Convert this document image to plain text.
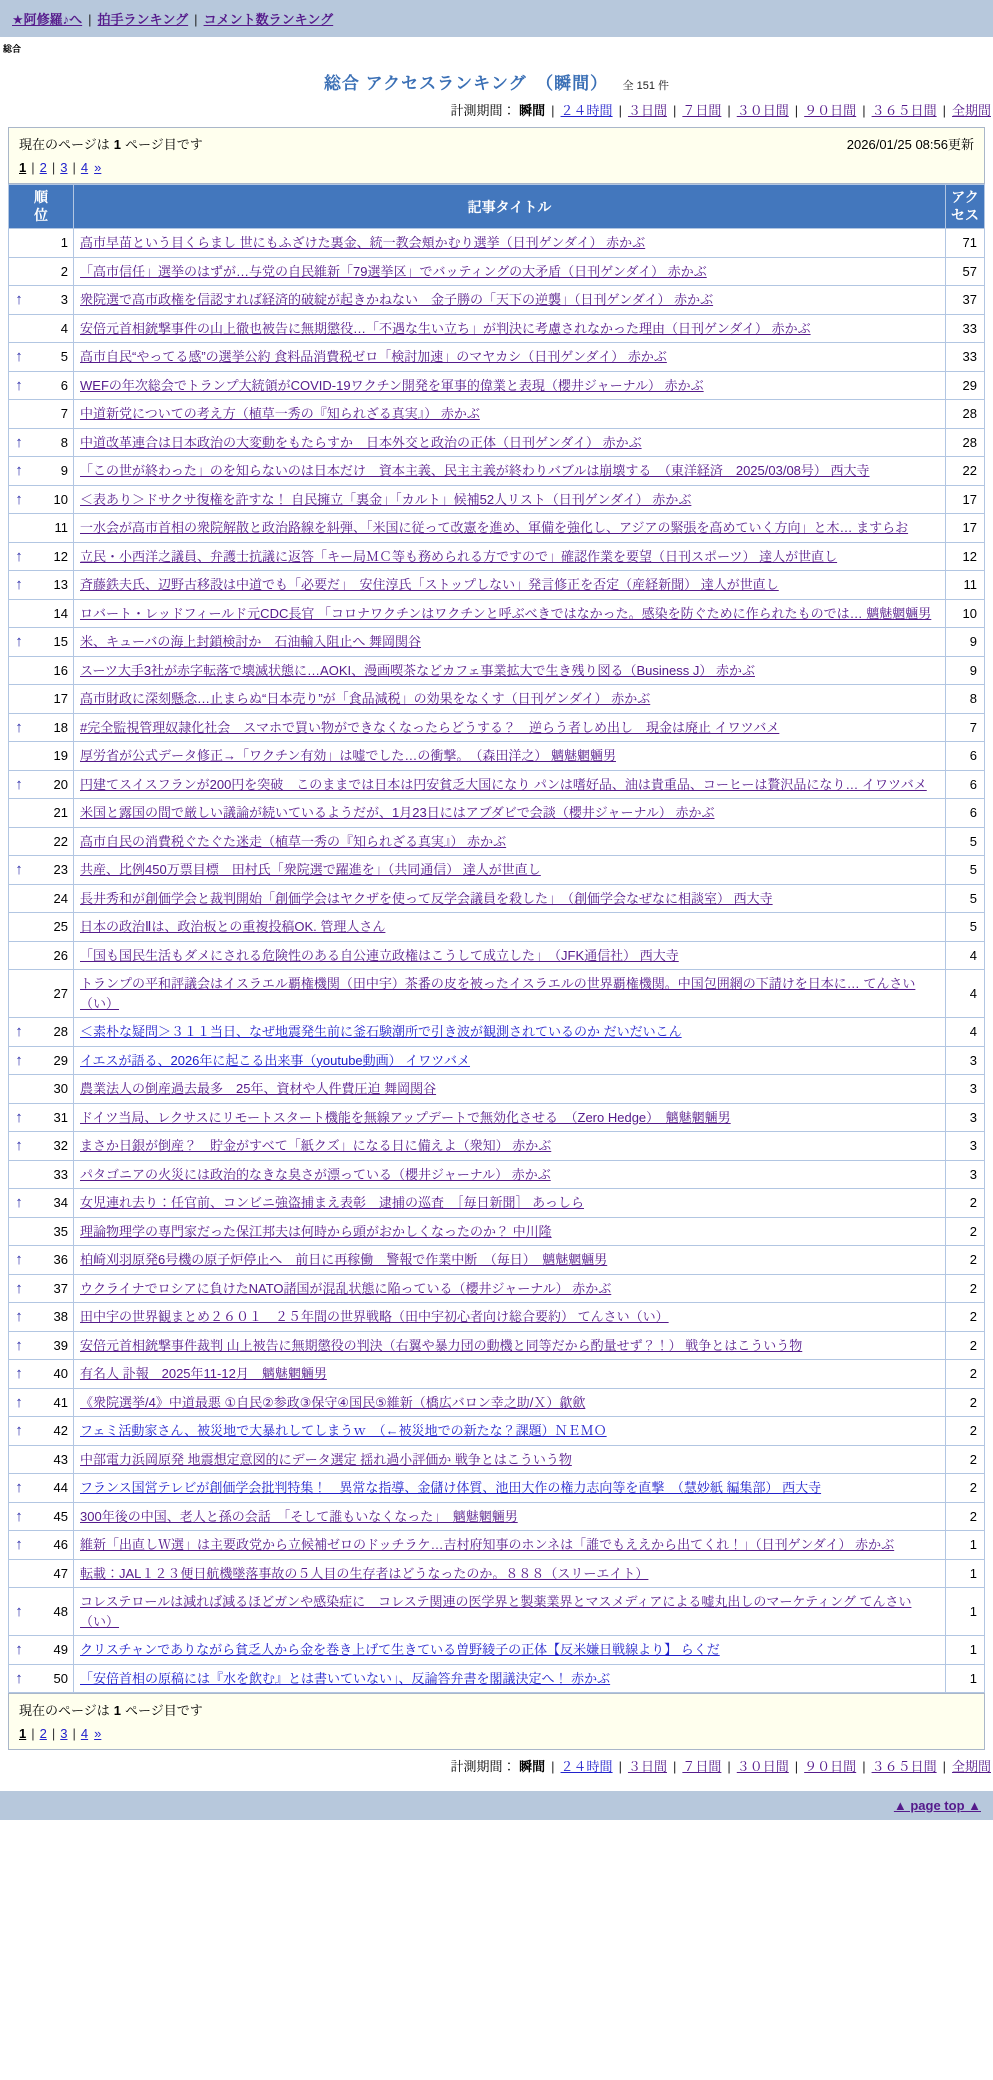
★阿修羅♪へ | 拍手ランキング | コメント数ランキング
総合
総合 アクセスランキング　（瞬間） 全 151 件
計測期間： 瞬間 | ２４時間 | ３日間 | ７日間 | ３０日間 | ９０日間 | ３６５日間 | 全期間
現在のページは 1 ページ目です	2026/01/25 08:56更新
1 | 2 | 3 | 4 »
順位	記事タイトル	アクセス

1	高市早苗という目くらまし 世にもふざけた裏金、統一教会頬かむり選挙（日刊ゲンダイ） 赤かぶ	71

2	「高市信任」選挙のはずが…与党の自民維新「79選挙区」でバッティングの大矛盾（日刊ゲンダイ） 赤かぶ	57

↑ 3	衆院選で高市政権を信認すれば経済的破綻が起きかねない　金子勝の「天下の逆襲」（日刊ゲンダイ） 赤かぶ	37

4	安倍元首相銃撃事件の山上徹也被告に無期懲役…「不遇な生い立ち」が判決に考慮されなかった理由（日刊ゲンダイ） 赤かぶ	33

↑ 5	高市自民“やってる感”の選挙公約 食料品消費税ゼロ「検討加速」のマヤカシ（日刊ゲンダイ） 赤かぶ	33

↑ 6	WEFの年次総会でトランプ大統領がCOVID-19ワクチン開発を軍事的偉業と表現（櫻井ジャーナル） 赤かぶ	29

7	中道新党についての考え方（植草一秀の『知られざる真実』） 赤かぶ	28

↑ 8	中道改革連合は日本政治の大変動をもたらすか　日本外交と政治の正体（日刊ゲンダイ） 赤かぶ	28

↑ 9	「この世が終わった」のを知らないのは日本だけ　資本主義、民主主義が終わりバブルは崩壊する　（東洋経済　2025/03/08号） 西大寺	22

↑ 10	＜表あり＞ドサクサ復権を許すな！ 自民擁立「裏金」「カルト」候補52人リスト（日刊ゲンダイ） 赤かぶ	17

11	一水会が高市首相の衆院解散と政治路線を糾弾、「米国に従って改憲を進め、軍備を強化し、アジアの緊張を高めていく方向」と木… ますらお	17

↑ 12	立民・小西洋之議員、弁護士抗議に返答「キー局ＭＣ等も務められる方ですので」確認作業を要望（日刊スポーツ） 達人が世直し	12

↑ 13	斉藤鉄夫氏、辺野古移設は中道でも「必要だ」　安住淳氏「ストップしない」発言修正を否定（産経新聞） 達人が世直し	11

14	ロバート・レッドフィールド元CDC長官 「コロナワクチンはワクチンと呼ぶべきではなかった。感染を防ぐために作られたものでは… 魑魅魍魎男	10

↑ 15	米、キューバの海上封鎖検討か　石油輸入阻止へ 舞岡関谷	9

16	スーツ大手3社が赤字転落で壊滅状態に…AOKI、漫画喫茶などカフェ事業拡大で生き残り図る（Business J） 赤かぶ	9

17	高市財政に深刻懸念…止まらぬ“日本売り”が「食品減税」の効果をなくす（日刊ゲンダイ） 赤かぶ	8

↑ 18	#完全監視管理奴隷化社会　スマホで買い物ができなくなったらどうする？　逆らう者しめ出し　現金は廃止 イワツバメ	7

19	厚労省が公式データ修正→「ワクチン有効」は嘘でした…の衝撃。　（森田洋之） 魑魅魍魎男	6

↑ 20	円建てスイスフランが200円を突破　このままでは日本は円安貧乏大国になり パンは嗜好品、油は貴重品、コーヒーは贅沢品になり… イワツバメ	6

21	米国と露国の間で厳しい議論が続いているようだが、1月23日にはアブダビで会談（櫻井ジャーナル） 赤かぶ	6

22	高市自民の消費税ぐたぐた迷走（植草一秀の『知られざる真実』） 赤かぶ	5

↑ 23	共産、比例450万票目標　田村氏「衆院選で躍進を」（共同通信） 達人が世直し	5

24	長井秀和が創価学会と裁判開始「創価学会はヤクザを使って反学会議員を殺した」　（創価学会なぜなに相談室） 西大寺	5

25	日本の政治Ⅱは、政治板との重複投稿OK. 管理人さん	5

26	「国も国民生活もダメにされる危険性のある自公連立政権はこうして成立した」　（JFK通信社） 西大寺	4

27	トランプの平和評議会はイスラエル覇権機関（田中宇）茶番の皮を被ったイスラエルの世界覇権機関。中国包囲網の下請けを日本に… てんさい（い）	4

↑ 28	＜素朴な疑問＞３１１当日、なぜ地震発生前に釜石験潮所で引き波が観測されているのか だいだいこん	4

↑ 29	イエスが語る、2026年に起こる出来事（youtube動画） イワツバメ	3

30	農業法人の倒産過去最多　25年、資材や人件費圧迫 舞岡関谷	3

↑ 31	ドイツ当局、レクサスにリモートスタート機能を無線アップデートで無効化させる　（Zero Hedge）　魑魅魍魎男	3

↑ 32	まさか日銀が倒産？　貯金がすべて「紙クズ」になる日に備えよ（衆知） 赤かぶ	3

33	パタゴニアの火災には政治的なきな臭さが漂っている（櫻井ジャーナル） 赤かぶ	3

↑ 34	女児連れ去り：任官前、コンビニ強盗捕まえ表彰　逮捕の巡査　［毎日新聞］ あっしら	2

35	理論物理学の専門家だった保江邦夫は何時から頭がおかしくなったのか？ 中川隆	2

↑ 36	柏崎刈羽原発6号機の原子炉停止へ　前日に再稼働　警報で作業中断　（毎日）　魑魅魍魎男	2

↑ 37	ウクライナでロシアに負けたNATO諸国が混乱状態に陥っている（櫻井ジャーナル） 赤かぶ	2

↑ 38	田中宇の世界観まとめ２６０１　２５年間の世界戦略（田中宇初心者向け総合要約） てんさい（い）	2

↑ 39	安倍元首相銃撃事件裁判 山上被告に無期懲役の判決（右翼や暴力団の動機と同等だから酌量せず？！） 戦争とはこういう物	2

↑ 40	有名人 訃報　2025年11-12月　魑魅魍魎男	2

↑ 41	《衆院選挙/4》中道最悪 ①自民②参政③保守④国民⑤維新（橋広バロン幸之助/Ｘ）歙歛	2

↑ 42	フェミ活動家さん、被災地で大暴れしてしまうｗ　（←被災地での新たな？課題）ＮＥＭＯ	2

43	中部電力浜岡原発 地震想定意図的にデータ選定 揺れ過小評価か 戦争とはこういう物	2

↑ 44	フランス国営テレビが創価学会批判特集！　異常な指導、金儲け体質、池田大作の権力志向等を直撃　（慧妙紙 編集部） 西大寺	2

↑ 45	300年後の中国、老人と孫の会話　「そして誰もいなくなった」　魑魅魍魎男	2

↑ 46	維新「出直しＷ選」は主要政党から立候補ゼロのドッチラケ…吉村府知事のホンネは「誰でもええから出てくれ！」（日刊ゲンダイ） 赤かぶ	1

47	転載：JAL１２３便日航機墜落事故の５人目の生存者はどうなったのか。８８８（スリーエイト）	1

↑ 48	コレステロールは減れば減るほどガンや感染症に　コレステ関連の医学界と製薬業界とマスメディアによる嘘丸出しのマーケティング てんさい（い）	1

↑ 49	クリスチャンでありながら貧乏人から金を巻き上げて生きている曽野綾子の正体【反米嫌日戦線より】 らくだ	1

↑ 50	「安倍首相の原稿には『水を飲む』とは書いていない」、反論答弁書を閣議決定へ！ 赤かぶ	1
現在のページは 1 ページ目です
1 | 2 | 3 | 4 »
計測期間： 瞬間 | ２４時間 | ３日間 | ７日間 | ３０日間 | ９０日間 | ３６５日間 | 全期間
▲ page top ▲
